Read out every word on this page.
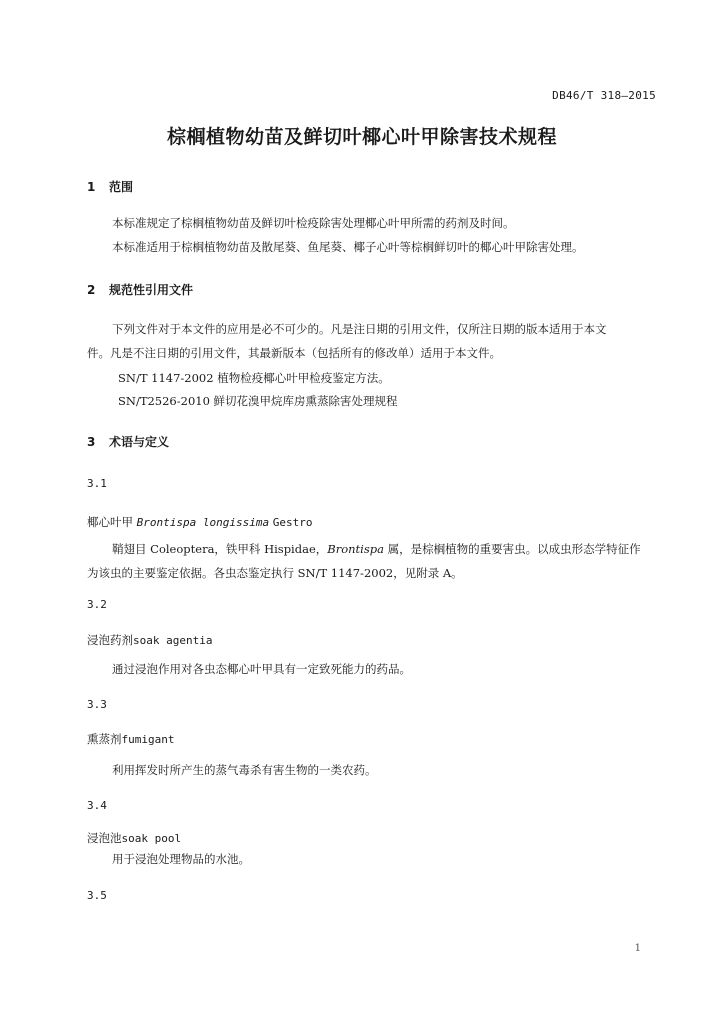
DB46/T 318—2015
棕榈植物幼苗及鲜切叶椰心叶甲除害技术规程
1 范围
本标准规定了棕榈植物幼苗及鲜切叶检疫除害处理椰心叶甲所需的药剂及时间。
本标准适用于棕榈植物幼苗及散尾葵、鱼尾葵、椰子心叶等棕榈鲜切叶的椰心叶甲除害处理。
2 规范性引用文件
下列文件对于本文件的应用是必不可少的。凡是注日期的引用文件，仅所注日期的版本适用于本文
件。凡是不注日期的引用文件，其最新版本（包括所有的修改单）适用于本文件。
SN/T 1147-2002 植物检疫椰心叶甲检疫鉴定方法。
SN/T2526-2010 鲜切花溴甲烷库房熏蒸除害处理规程
3 术语与定义
3.1
椰心叶甲 Brontispa longissima Gestro
鞘翅目 Coleoptera，铁甲科 Hispidae，Brontispa 属，是棕榈植物的重要害虫。以成虫形态学特征作
为该虫的主要鉴定依据。各虫态鉴定执行 SN/T 1147-2002，见附录 A。
3.2
浸泡药剂soak agentia
通过浸泡作用对各虫态椰心叶甲具有一定致死能力的药品。
3.3
熏蒸剂fumigant
利用挥发时所产生的蒸气毒杀有害生物的一类农药。
3.4
浸泡池soak pool
用于浸泡处理物品的水池。
3.5
1
